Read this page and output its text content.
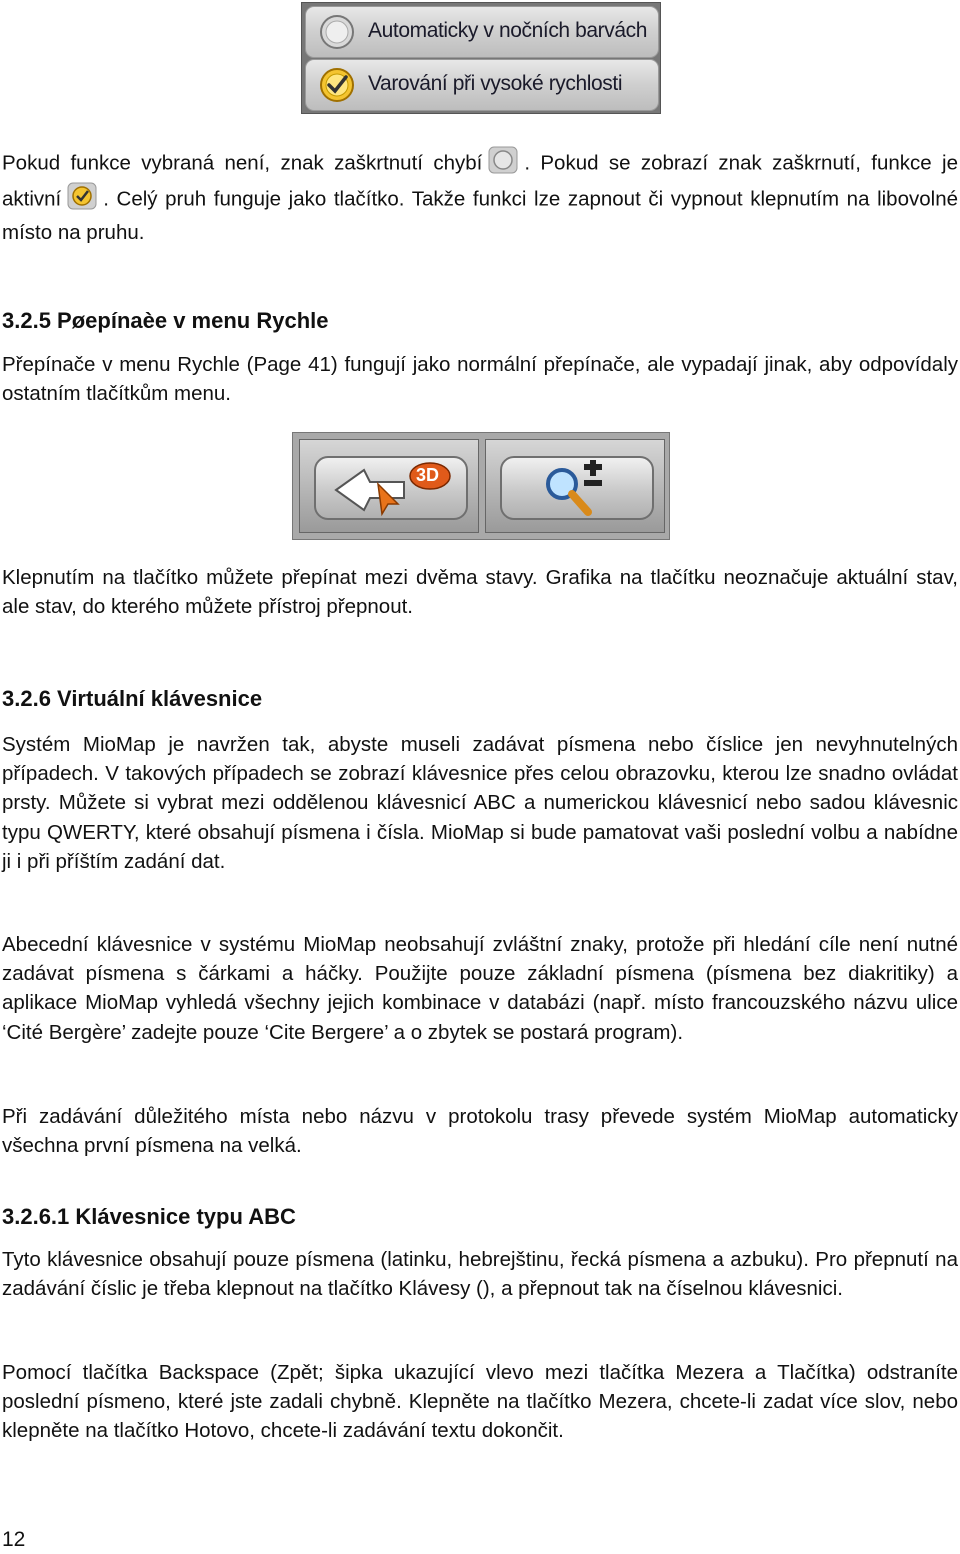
Automaticky v nočních barvách
Varování při vysoké rychlosti

Pokud funkce vybraná není, znak zaškrtnutí chybí . Pokud se zobrazí znak zaškrnutí, funkce je aktivní . Celý pruh funguje jako tlačítko. Takže funkci lze zapnout či vypnout klepnutím na libovolné místo na pruhu.

3.2.5 Pøepínaèe v menu Rychle

Přepínače v menu Rychle (Page 41) fungují jako normální přepínače, ale vypadají jinak, aby odpovídaly ostatním tlačítkům menu.

3D

Klepnutím na tlačítko můžete přepínat mezi dvěma stavy. Grafika na tlačítku neoznačuje aktuální stav, ale stav, do kterého můžete přístroj přepnout.

3.2.6 Virtuální klávesnice

Systém MioMap je navržen tak, abyste museli zadávat písmena nebo číslice jen nevyhnutelných případech. V takových případech se zobrazí klávesnice přes celou obrazovku, kterou lze snadno ovládat prsty. Můžete si vybrat mezi oddělenou klávesnicí ABC a numerickou klávesnicí nebo sadou klávesnic typu QWERTY, které obsahují písmena i čísla. MioMap si bude pamatovat vaši poslední volbu a nabídne ji i při příštím zadání dat.

Abecední klávesnice v systému MioMap neobsahují zvláštní znaky, protože při hledání cíle není nutné zadávat písmena s čárkami a háčky. Použijte pouze základní písmena (písmena bez diakritiky) a aplikace MioMap vyhledá všechny jejich kombinace v databázi (např. místo francouzského názvu ulice ‘Cité Bergère’ zadejte pouze ‘Cite Bergere’ a o zbytek se postará program).

Při zadávání důležitého místa nebo názvu v protokolu trasy převede systém MioMap automaticky všechna první písmena na velká.

3.2.6.1 Klávesnice typu ABC

Tyto klávesnice obsahují pouze písmena (latinku, hebrejštinu, řecká písmena a azbuku). Pro přepnutí na zadávání číslic je třeba klepnout na tlačítko Klávesy (), a přepnout tak na číselnou klávesnici.

Pomocí tlačítka Backspace (Zpět; šipka ukazující vlevo mezi tlačítka Mezera a Tlačítka) odstraníte poslední písmeno, které jste zadali chybně. Klepněte na tlačítko Mezera, chcete-li zadat více slov, nebo klepněte na tlačítko Hotovo, chcete-li zadávání textu dokončit.

12
